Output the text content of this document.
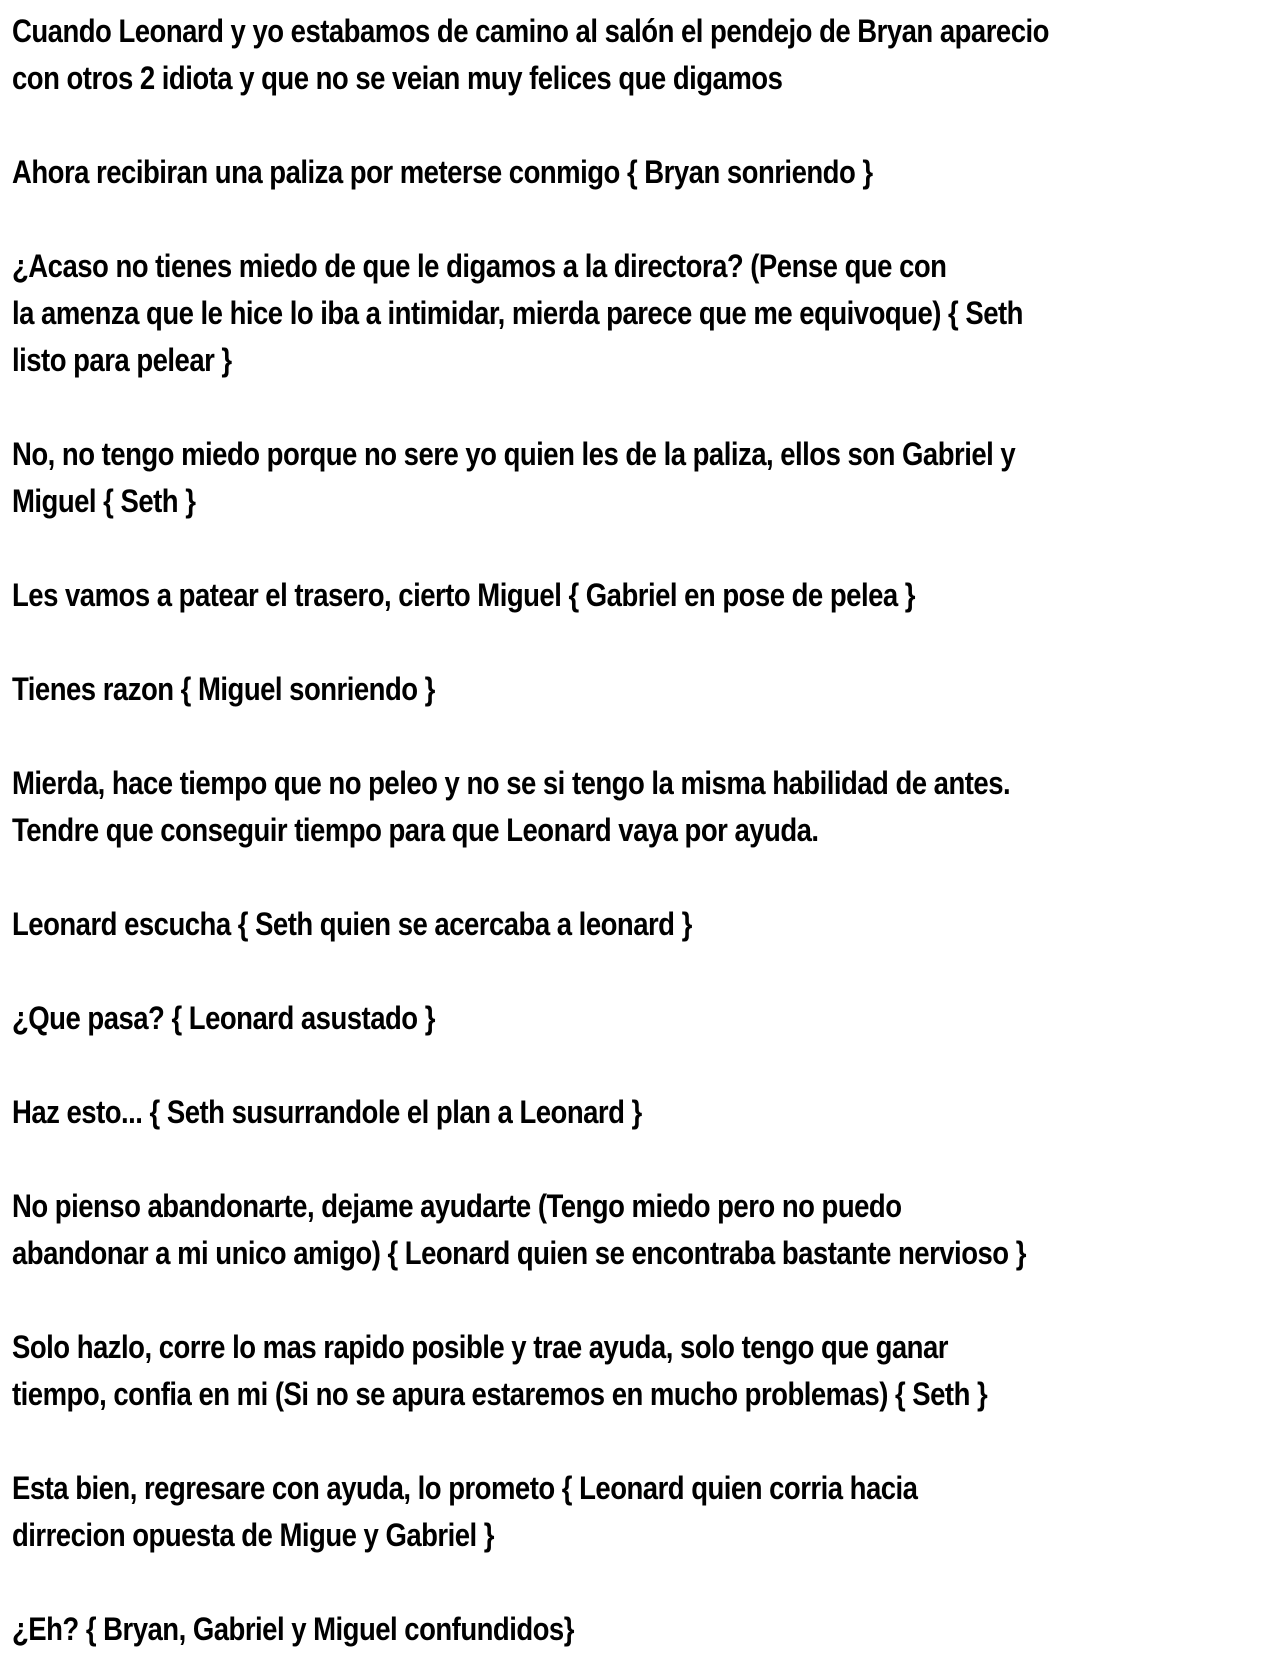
Cuando Leonard y yo estabamos de camino al salón el pendejo de Bryan aparecio
con otros 2 idiota y que no se veian muy felices que digamos
Ahora recibiran una paliza por meterse conmigo { Bryan sonriendo }
¿Acaso no tienes miedo de que le digamos a la directora? (Pense que con
la amenza que le hice lo iba a intimidar, mierda parece que me equivoque) { Seth
listo para pelear }
No, no tengo miedo porque no sere yo quien les de la paliza, ellos son Gabriel y
Miguel { Seth }
Les vamos a patear el trasero, cierto Miguel { Gabriel en pose de pelea }
Tienes razon { Miguel sonriendo }
Mierda, hace tiempo que no peleo y no se si tengo la misma habilidad de antes.
Tendre que conseguir tiempo para que Leonard vaya por ayuda.
Leonard escucha { Seth quien se acercaba a leonard }
¿Que pasa? { Leonard asustado }
Haz esto... { Seth susurrandole el plan a Leonard }
No pienso abandonarte, dejame ayudarte (Tengo miedo pero no puedo
abandonar a mi unico amigo) { Leonard quien se encontraba bastante nervioso }
Solo hazlo, corre lo mas rapido posible y trae ayuda, solo tengo que ganar
tiempo, confia en mi (Si no se apura estaremos en mucho problemas) { Seth }
Esta bien, regresare con ayuda, lo prometo { Leonard quien corria hacia
dirrecion opuesta de Migue y Gabriel }
¿Eh? { Bryan, Gabriel y Miguel confundidos}
